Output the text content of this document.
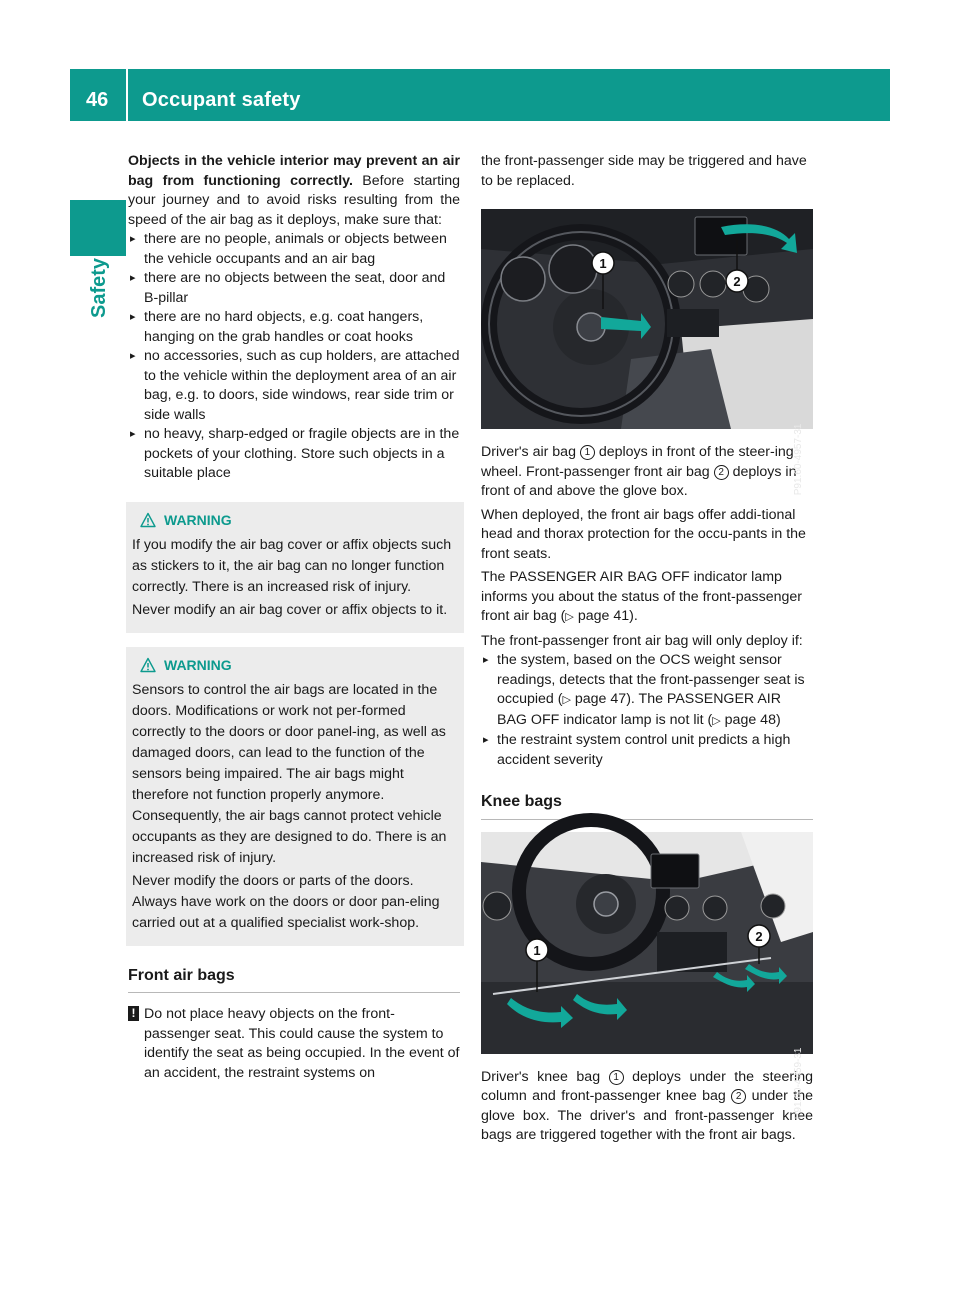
46 Occupant safety
Safety

Objects in the vehicle interior may prevent an air bag from functioning correctly. Before starting your journey and to avoid risks resulting from the speed of the air bag as it deploys, make sure that:

▸ there are no people, animals or objects between the vehicle occupants and an air bag
▸ there are no objects between the seat, door and B-pillar
▸ there are no hard objects, e.g. coat hangers, hanging on the grab handles or coat hooks
▸ no accessories, such as cup holders, are attached to the vehicle within the deployment area of an air bag, e.g. to doors, side windows, rear side trim or side walls
▸ no heavy, sharp-edged or fragile objects are in the pockets of your clothing. Store such objects in a suitable place
WARNING

If you modify the air bag cover or affix objects such as stickers to it, the air bag can no longer function correctly. There is an increased risk of injury.

Never modify an air bag cover or affix objects to it.

WARNING

Sensors to control the air bags are located in the doors. Modifications or work not per-formed correctly to the doors or door panel-ing, as well as damaged doors, can lead to the function of the sensors being impaired. The air bags might therefore not function properly anymore. Consequently, the air bags cannot protect vehicle occupants as they are designed to do. There is an increased risk of injury.

Never modify the doors or parts of the doors. Always have work on the doors or door pan-eling carried out at a qualified specialist work-shop.

Front air bags
! Do not place heavy objects on the front-passenger seat. This could cause the system to identify the seat as being occupied. In the event of an accident, the restraint systems on

the front-passenger side may be triggered and have to be replaced.

1
2
P91.60-4957-31

Driver's air bag 1 deploys in front of the steer-ing wheel. Front-passenger front air bag 2 deploys in front of and above the glove box.

When deployed, the front air bags offer addi-tional head and thorax protection for the occu-pants in the front seats.

The PASSENGER AIR BAG OFF indicator lamp informs you about the status of the front-passenger front air bag (▷ page 41).

The front-passenger front air bag will only deploy if:

▸ the system, based on the OCS weight sensor readings, detects that the front-passenger seat is occupied (▷ page 47). The PASSENGER AIR BAG OFF indicator lamp is not lit (▷ page 48)
▸ the restraint system control unit predicts a high accident severity
Knee bags
1
2
P91.60-4959-31

Driver's knee bag 1 deploys under the steering column and front-passenger knee bag 2 under the glove box. The driver's and front-passenger knee bags are triggered together with the front air bags.
